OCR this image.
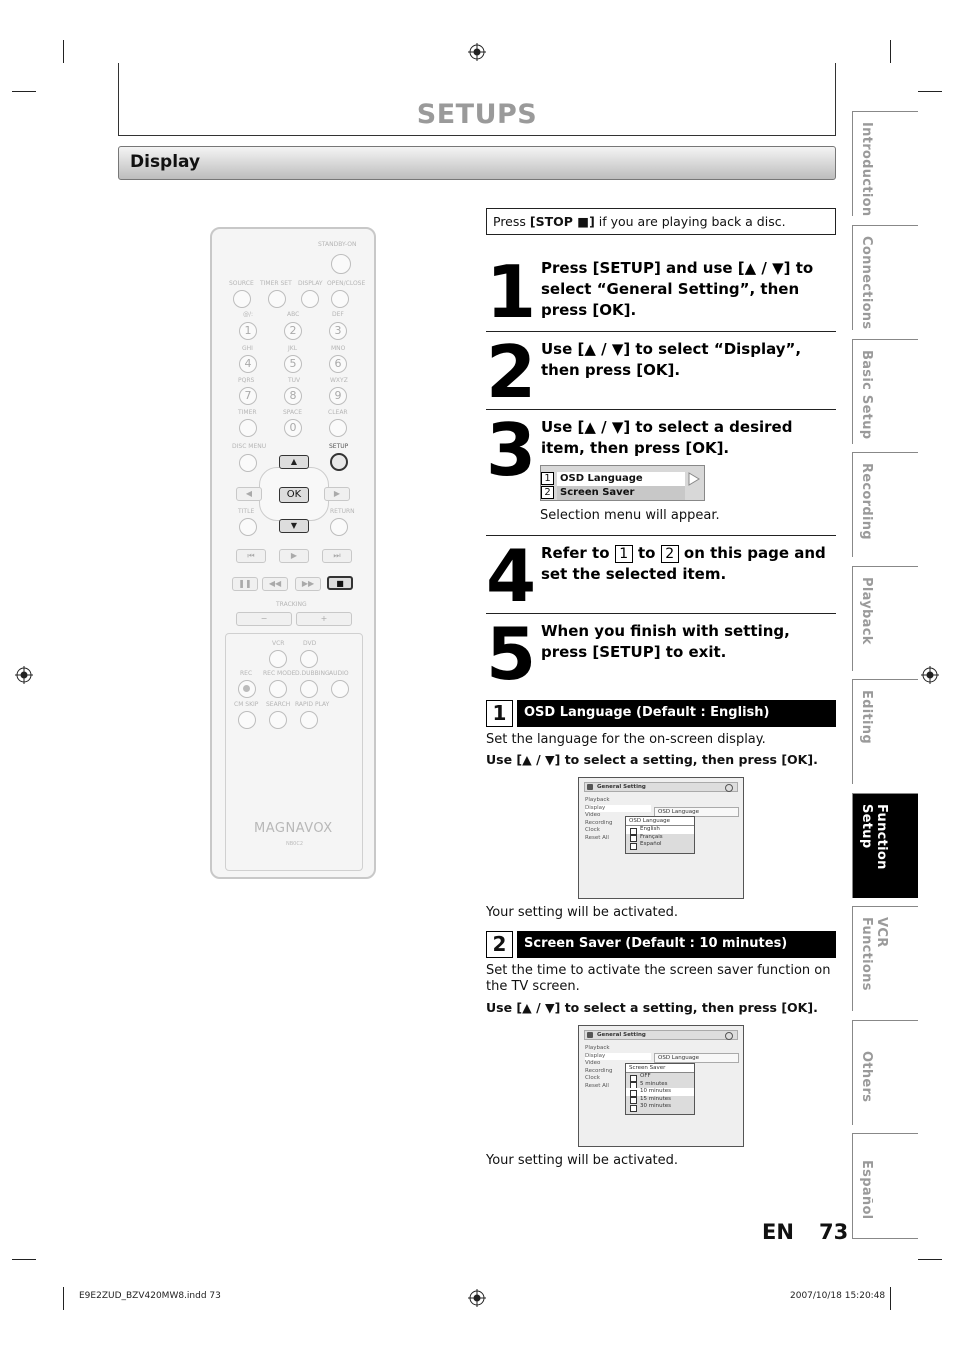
SETUPS
Display	Introduction
Connections
Basic Setup
Recording
Playback
Editing
Function Setup
VCR Functions
Others
Español
STANDBY-ON
SOURCE TIMER SET DISPLAY OPEN/CLOSE
@/:	ABC	DEF
1	2	3
GHI	JKL	MNO
4	5	6
PQRS	TUV	WXYZ
7	8	9
TIMER	SPACE	CLEAR
0
DISC MENU	SETUP
▲
▼
◀	▶
OK
TITLE	RETURN
⏮	▶	⏭
❚❚	◀◀	▶▶	■
TRACKING
−	+
VCR	DVD
REC REC MODE D.DUBBING AUDIO
CM SKIP SEARCH RAPID PLAY
MAGNAVOX
NB0C2
Press [STOP ■] if you are playing back a disc.
1 Press [SETUP] and use [▲ / ▼] to select “General Setting”, then press [OK].
2 Use [▲ / ▼] to select “Display”, then press [OK].
3 Use [▲ / ▼] to select a desired item, then press [OK].
1 OSD Language
2 Screen Saver
Selection menu will appear.
4 Refer to 1 to 2 on this page and set the selected item.
5 When you finish with setting, press [SETUP] to exit.
1	OSD Language (Default : English)
Set the language for the on-screen display.
Use [▲ / ▼] to select a setting, then press [OK].
General Setting
Playback
Display
Video
Recording
Clock
Reset All
OSD Language
OSD Language
English
Français
Español
Your setting will be activated.
2	Screen Saver (Default : 10 minutes)
Set the time to activate the screen saver function on the TV screen.
Use [▲ / ▼] to select a setting, then press [OK].
General Setting
Playback
Display
Video
Recording
Clock
Reset All
OSD Language
Screen Saver
OFF
5 minutes
10 minutes
15 minutes
30 minutes
Your setting will be activated.
EN 73
E9E2ZUD_BZV420MW8.indd 73	2007/10/18 15:20:48
